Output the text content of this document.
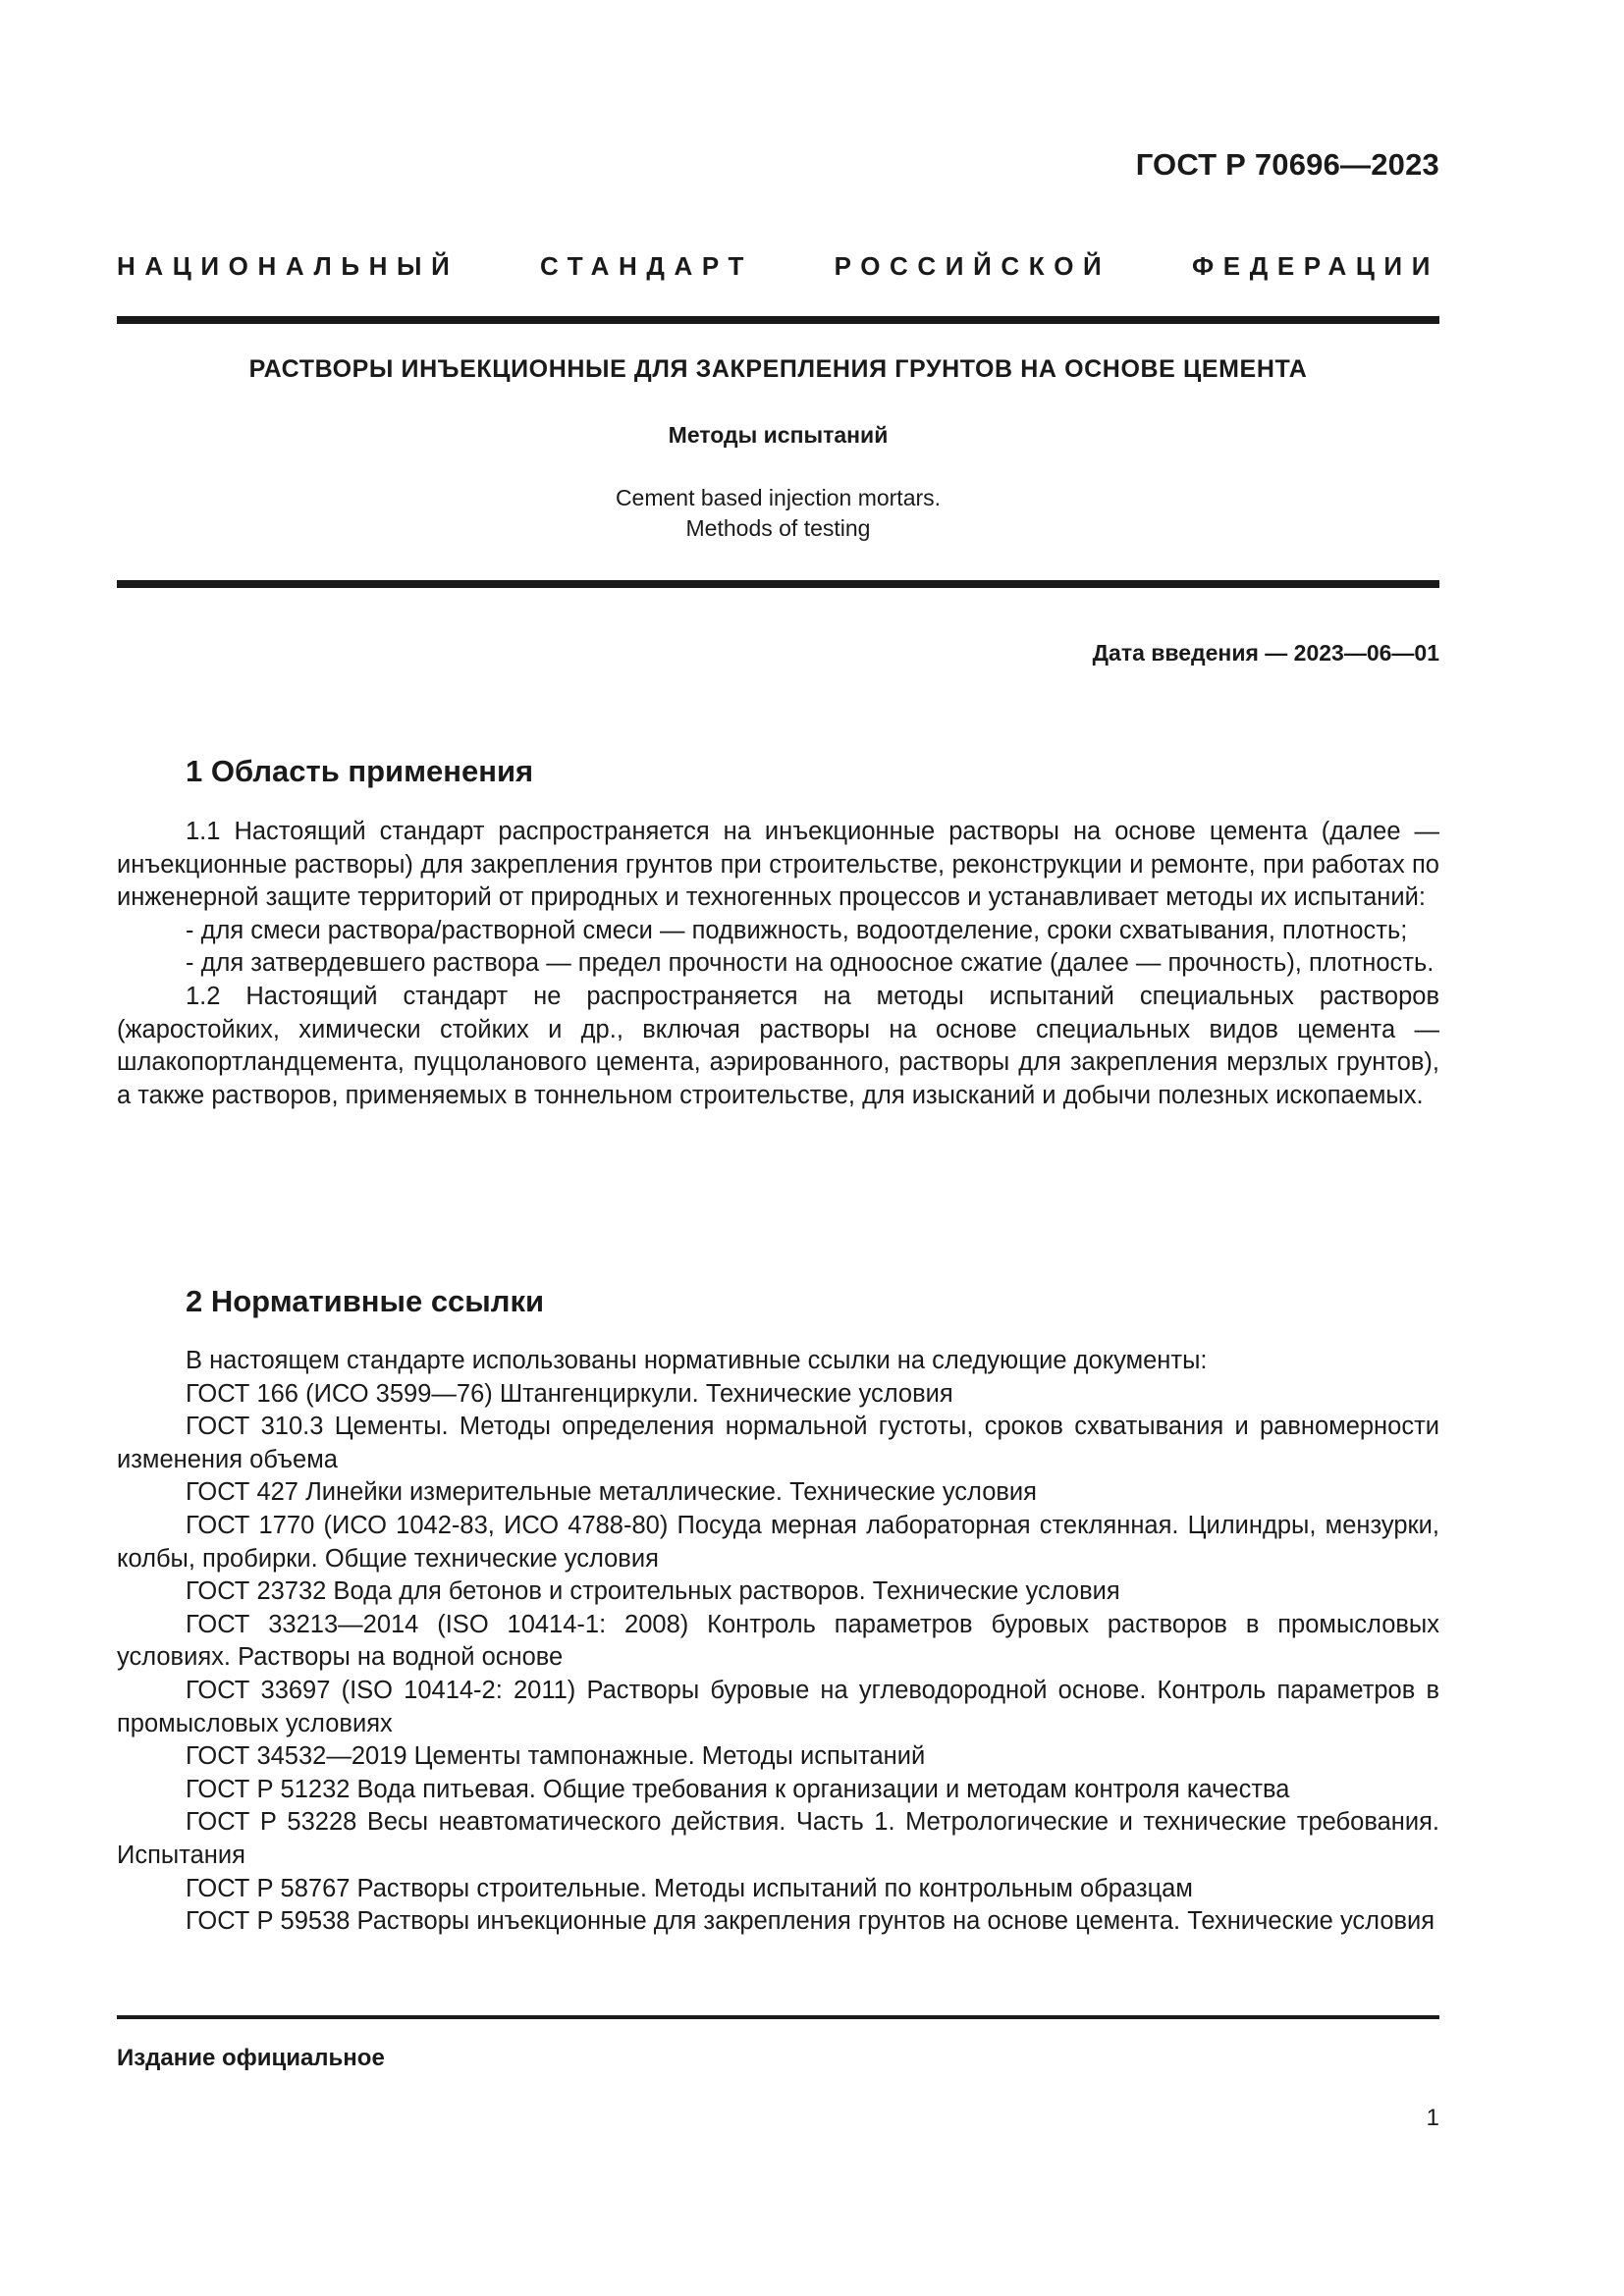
ГОСТ Р 70696—2023
НАЦИОНАЛЬНЫЙ СТАНДАРТ РОССИЙСКОЙ ФЕДЕРАЦИИ
РАСТВОРЫ ИНЪЕКЦИОННЫЕ ДЛЯ ЗАКРЕПЛЕНИЯ ГРУНТОВ НА ОСНОВЕ ЦЕМЕНТА
Методы испытаний
Cement based injection mortars.
Methods of testing
Дата введения — 2023—06—01
1 Область применения

1.1 Настоящий стандарт распространяется на инъекционные растворы на основе цемента (далее — инъекционные растворы) для закрепления грунтов при строительстве, реконструкции и ремонте, при работах по инженерной защите территорий от природных и техногенных процессов и устанавливает методы их испытаний:

- для смеси раствора/растворной смеси — подвижность, водоотделение, сроки схватывания, плотность;

- для затвердевшего раствора — предел прочности на одноосное сжатие (далее — прочность), плотность.

1.2 Настоящий стандарт не распространяется на методы испытаний специальных растворов (жаростойких, химически стойких и др., включая растворы на основе специальных видов цемента — шлакопортландцемента, пуццоланового цемента, аэрированного, растворы для закрепления мерзлых грунтов), а также растворов, применяемых в тоннельном строительстве, для изысканий и добычи полезных ископаемых.

2 Нормативные ссылки

В настоящем стандарте использованы нормативные ссылки на следующие документы:

ГОСТ 166 (ИСО 3599—76) Штангенциркули. Технические условия

ГОСТ 310.3 Цементы. Методы определения нормальной густоты, сроков схватывания и равномерности изменения объема

ГОСТ 427 Линейки измерительные металлические. Технические условия

ГОСТ 1770 (ИСО 1042-83, ИСО 4788-80) Посуда мерная лабораторная стеклянная. Цилиндры, мензурки, колбы, пробирки. Общие технические условия

ГОСТ 23732 Вода для бетонов и строительных растворов. Технические условия

ГОСТ 33213—2014 (ISO 10414-1: 2008) Контроль параметров буровых растворов в промысловых условиях. Растворы на водной основе

ГОСТ 33697 (ISO 10414-2: 2011) Растворы буровые на углеводородной основе. Контроль параметров в промысловых условиях

ГОСТ 34532—2019 Цементы тампонажные. Методы испытаний

ГОСТ Р 51232 Вода питьевая. Общие требования к организации и методам контроля качества

ГОСТ Р 53228 Весы неавтоматического действия. Часть 1. Метрологические и технические требования. Испытания

ГОСТ Р 58767 Растворы строительные. Методы испытаний по контрольным образцам

ГОСТ Р 59538 Растворы инъекционные для закрепления грунтов на основе цемента. Технические условия

Издание официальное
1
